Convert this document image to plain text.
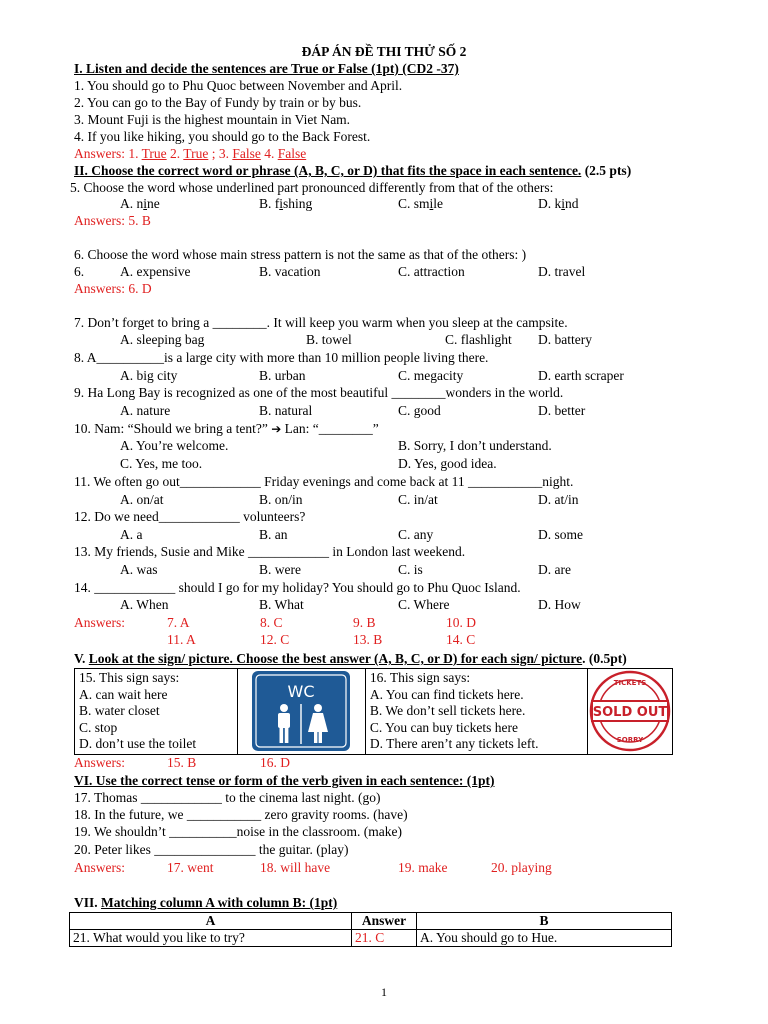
ĐÁP ÁN ĐỀ THI THỬ SỐ 2
I. Listen and decide the sentences are True or False (1pt) (CD2 -37)
1. You should go to Phu Quoc between November and April.
2. You can go to the Bay of Fundy by train or by bus.
3. Mount Fuji is the highest mountain in Viet Nam.
4. If you like hiking, you should go to the Back Forest.
Answers: 1. True 2. True ; 3. False 4. False
II. Choose the correct word or phrase (A, B, C, or D) that fits the space in each sentence. (2.5 pts)
5. Choose the word whose underlined part pronounced differently from that of the others:
A. nine	B. fishing	C. smile	D. kind
Answers: 5. B
6. Choose the word whose main stress pattern is not the same as that of the others: )
6.	A. expensive	B. vacation	C. attraction	D. travel
Answers: 6. D
7. Don’t forget to bring a ________. It will keep you warm when you sleep at the campsite.
A. sleeping bag	B. towel	C. flashlight D. battery
8. A__________is a large city with more than 10 million people living there.
A. big city	B. urban	C. megacity	D. earth scraper
9. Ha Long Bay is recognized as one of the most beautiful ________wonders in the world.
A. nature	B. natural	C. good	D. better
10. Nam: “Should we bring a tent?” ➔ Lan: “________”
A. You’re welcome.	B. Sorry, I don’t understand.
C. Yes, me too.	D. Yes, good idea.
11. We often go out____________ Friday evenings and come back at 11 ___________night.
A. on/at	B. on/in	C. in/at	D. at/in
12. Do we need____________ volunteers?
A. a	B. an	C. any	D. some
13. My friends, Susie and Mike ____________ in London last weekend.
A. was	B. were	C. is	D. are
14. ____________ should I go for my holiday? You should go to Phu Quoc Island.
A. When	B. What	C. Where	D. How
Answers:	7. A	8. C	9. B	10. D
11. A	12. C	13. B	14. C
V. Look at the sign/ picture. Choose the best answer (A, B, C, or D) for each sign/ picture. (0.5pt)
15. This sign says:
A. can wait here
B. water closet
C. stop
D. don’t use the toilet

WC

16. This sign says:
A. You can find tickets here.
B. We don’t sell tickets here.
C. You can buy tickets here
D. There aren’t any tickets left.

TICKETS
SOLD OUT
SORRY
Answers:	15. B	16. D
VI. Use the correct tense or form of the verb given in each sentence: (1pt)
17. Thomas ____________ to the cinema last night. (go)
18. In the future, we ___________ zero gravity rooms. (have)
19. We shouldn’t __________noise in the classroom. (make)
20. Peter likes _______________ the guitar. (play)
Answers:	17. went	18. will have	19. make	20. playing
VII. Matching column A with column B: (1pt)
A	Answer	B
21. What would you like to try?	21. C	A. You should go to Hue.
1
